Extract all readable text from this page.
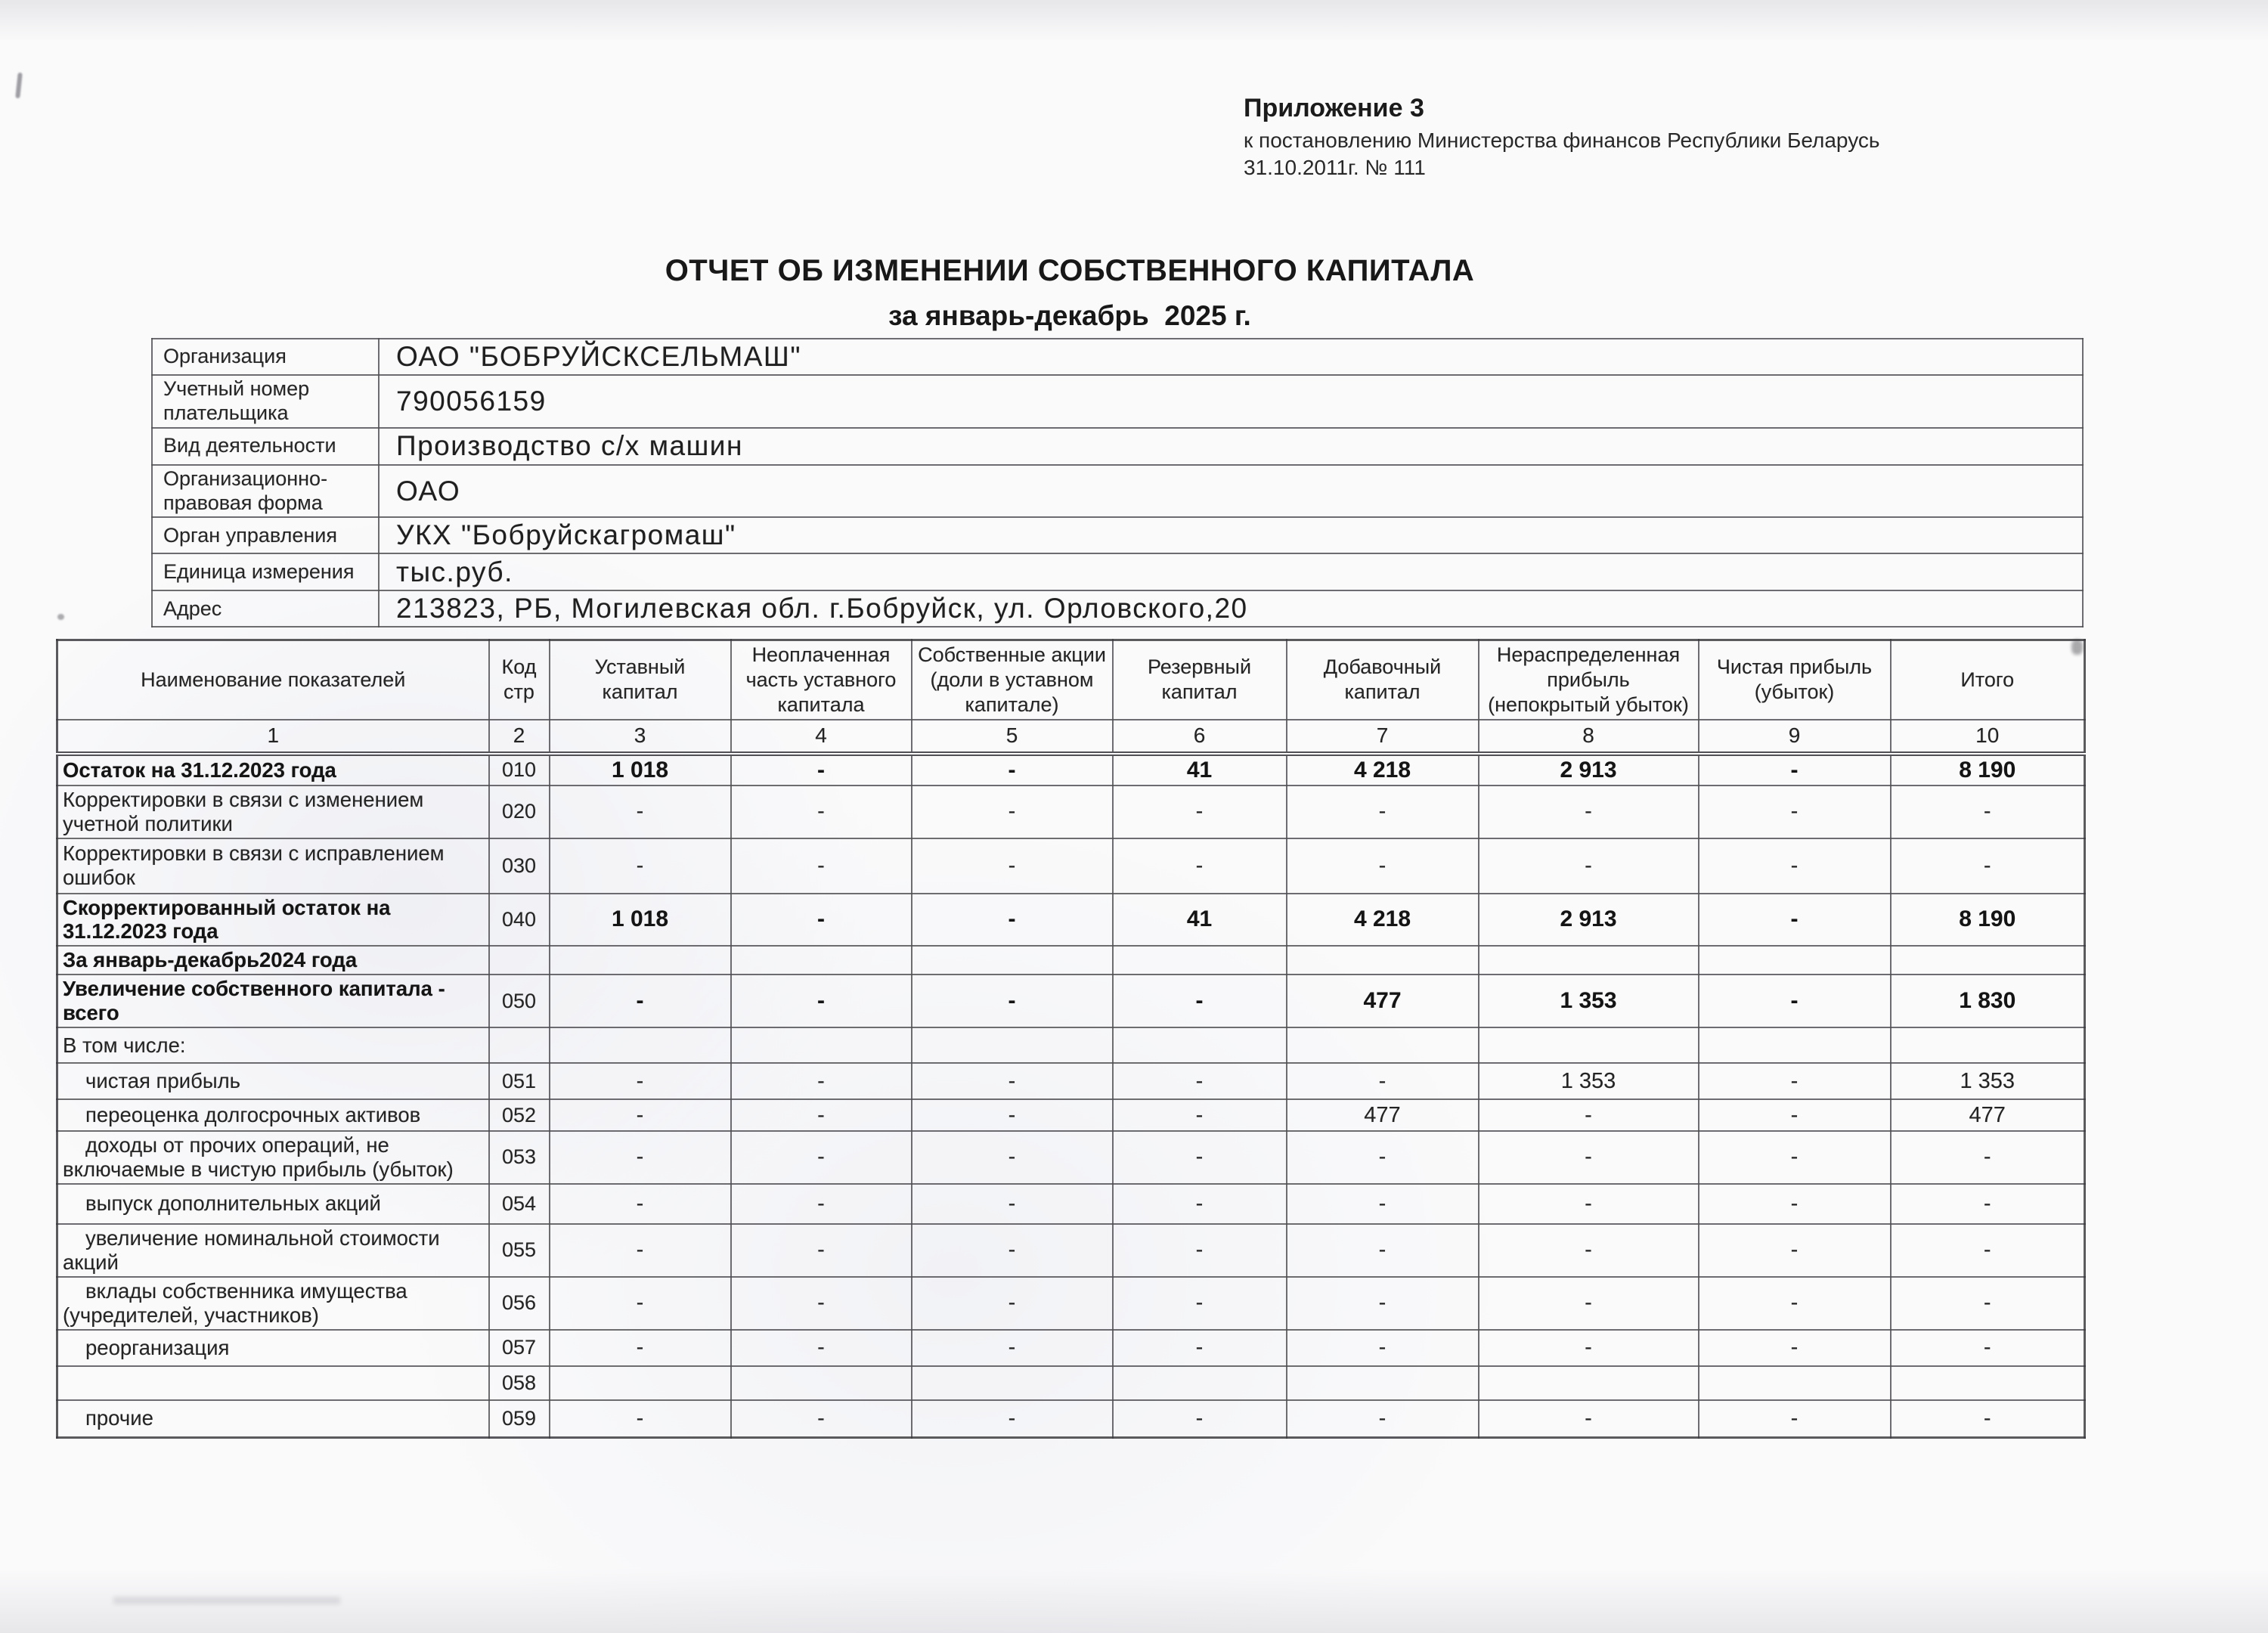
Приложение 3
к постановлению Министерства финансов Республики Беларусь
31.10.2011г. № 111
ОТЧЕТ ОБ ИЗМЕНЕНИИ СОБСТВЕННОГО КАПИТАЛА
за январь-декабрь  2025 г.
Организация	ОАО "БОБРУЙСКСЕЛЬМАШ"
Учетный номер плательщика	790056159
Вид деятельности	Производство с/х машин
Организационно-правовая форма	ОАО
Орган управления	УКХ "Бобруйскагромаш"
Единица измерения	тыс.руб.
Адрес	213823, РБ, Могилевская обл. г.Бобруйск, ул. Орловского,20
Наименование показателей	Код стр	Уставный капитал	Неоплаченная часть уставного капитала	Собственные акции (доли в уставном капитале)	Резервный капитал	Добавочный капитал	Нераспределенная прибыль (непокрытый убыток)	Чистая прибыль (убыток)	Итого
1	2	3	4	5	6	7	8	9	10
Остаток на 31.12.2023 года	010	1 018	-	-	41	4 218	2 913	-	8 190
Корректировки в связи с изменением учетной политики	020	-	-	-	-	-	-	-	-
Корректировки в связи с исправлением ошибок	030	-	-	-	-	-	-	-	-
Скорректированный остаток на 31.12.2023 года	040	1 018	-	-	41	4 218	2 913	-	8 190
За январь-декабрь2024 года									
Увеличение собственного капитала - всего	050	-	-	-	-	477	1 353	-	1 830
В том числе:									
чистая прибыль	051	-	-	-	-	-	1 353	-	1 353
переоценка долгосрочных активов	052	-	-	-	-	477	-	-	477
доходы от прочих операций, не включаемые в чистую прибыль (убыток)	053	-	-	-	-	-	-	-	-
выпуск дополнительных акций	054	-	-	-	-	-	-	-	-
увеличение номинальной стоимости акций	055	-	-	-	-	-	-	-	-
вклады собственника имущества (учредителей, участников)	056	-	-	-	-	-	-	-	-
реорганизация	057	-	-	-	-	-	-	-	-
	058								
прочие	059	-	-	-	-	-	-	-	-
